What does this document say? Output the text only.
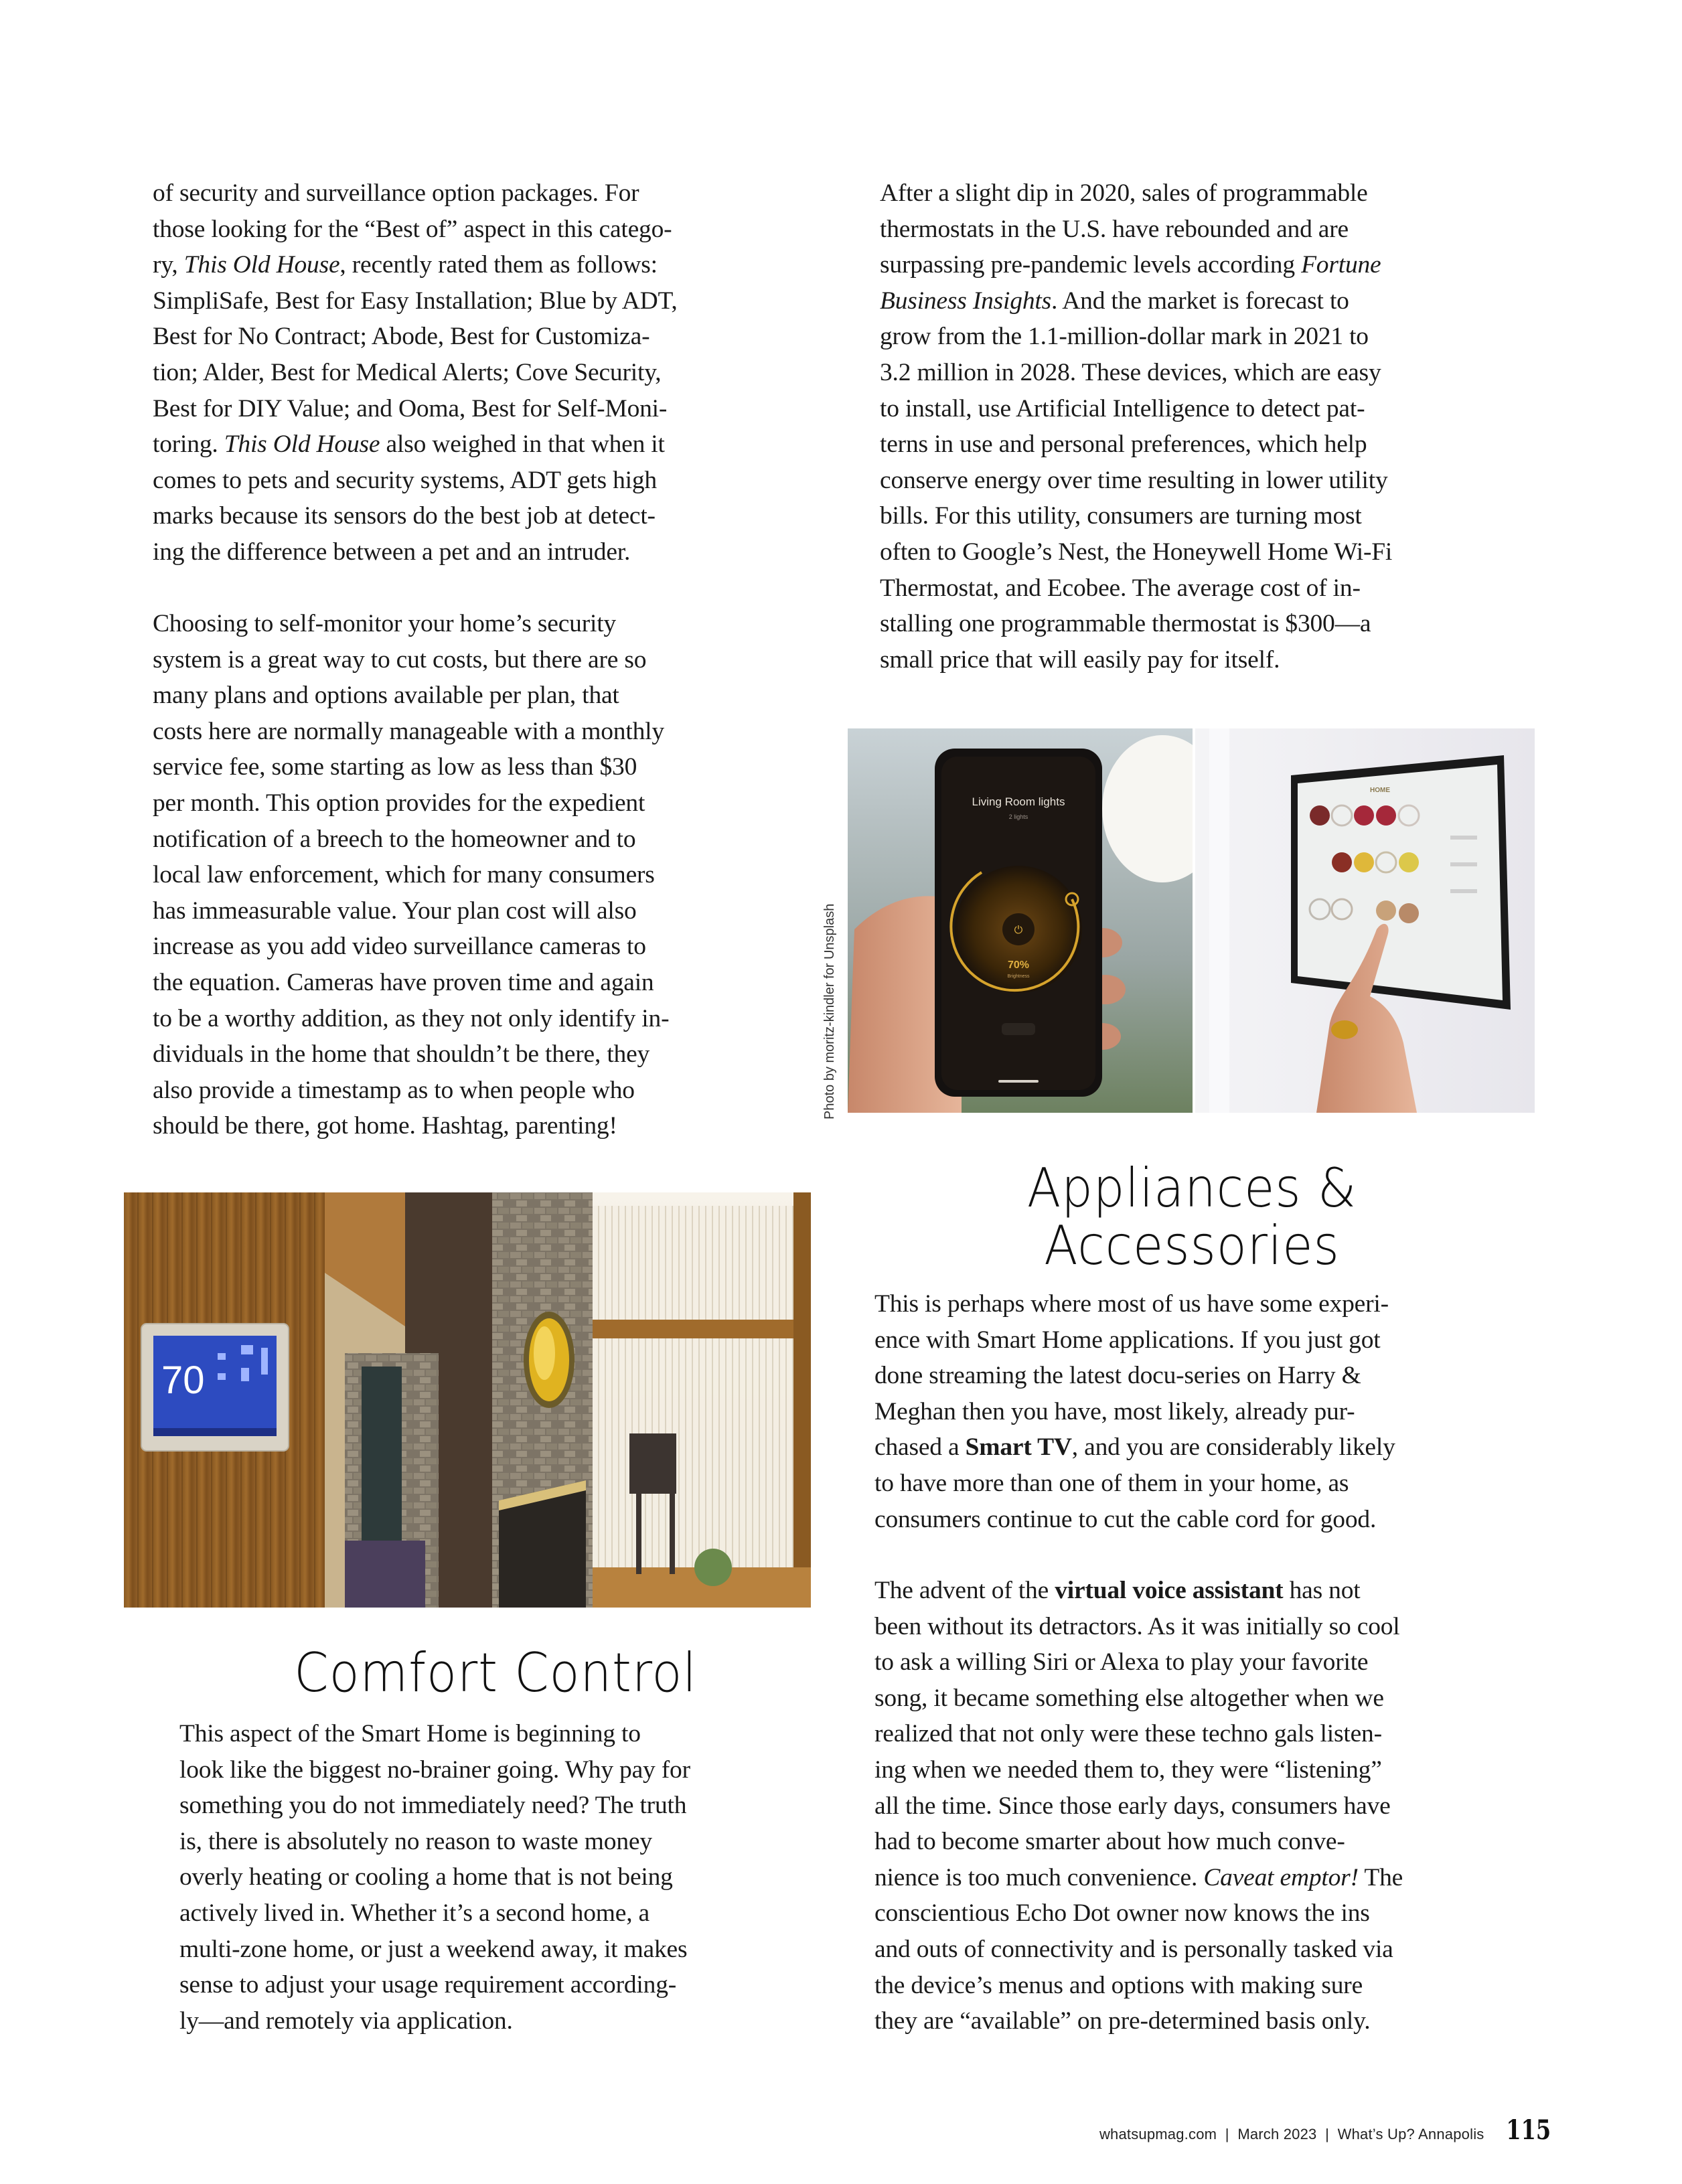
of security and surveillance option packages. For
those looking for the “Best of” aspect in this catego-
ry, This Old House, recently rated them as follows:
SimpliSafe, Best for Easy Installation; Blue by ADT,
Best for No Contract; Abode, Best for Customiza-
tion; Alder, Best for Medical Alerts; Cove Security,
Best for DIY Value; and Ooma, Best for Self-Moni-
toring. This Old House also weighed in that when it
comes to pets and security systems, ADT gets high
marks because its sensors do the best job at detect-
ing the difference between a pet and an intruder.
Choosing to self-monitor your home’s security
system is a great way to cut costs, but there are so
many plans and options available per plan, that
costs here are normally manageable with a monthly
service fee, some starting as low as less than $30
per month. This option provides for the expedient
notification of a breech to the homeowner and to
local law enforcement, which for many consumers
has immeasurable value. Your plan cost will also
increase as you add video surveillance cameras to
the equation. Cameras have proven time and again
to be a worthy addition, as they not only identify in-
dividuals in the home that shouldn’t be there, they
also provide a timestamp as to when people who
should be there, got home. Hashtag, parenting!
70
Comfort Control
This aspect of the Smart Home is beginning to
look like the biggest no-brainer going. Why pay for
something you do not immediately need? The truth
is, there is absolutely no reason to waste money
overly heating or cooling a home that is not being
actively lived in. Whether it’s a second home, a
multi-zone home, or just a weekend away, it makes
sense to adjust your usage requirement according-
ly—and remotely via application.
After a slight dip in 2020, sales of programmable
thermostats in the U.S. have rebounded and are
surpassing pre-pandemic levels according Fortune
Business Insights. And the market is forecast to
grow from the 1.1-million-dollar mark in 2021 to
3.2 million in 2028. These devices, which are easy
to install, use Artificial Intelligence to detect pat-
terns in use and personal preferences, which help
conserve energy over time resulting in lower utility
bills. For this utility, consumers are turning most
often to Google’s Nest, the Honeywell Home Wi-Fi
Thermostat, and Ecobee. The average cost of in-
stalling one programmable thermostat is $300—a
small price that will easily pay for itself.
Photo by moritz-kindler for Unsplash
Living Room lights
2 lights
⏻
70%
Brightness
HOME
Appliances &
Accessories
This is perhaps where most of us have some experi-
ence with Smart Home applications. If you just got
done streaming the latest docu-series on Harry &
Meghan then you have, most likely, already pur-
chased a Smart TV, and you are considerably likely
to have more than one of them in your home, as
consumers continue to cut the cable cord for good.
The advent of the virtual voice assistant has not
been without its detractors. As it was initially so cool
to ask a willing Siri or Alexa to play your favorite
song, it became something else altogether when we
realized that not only were these techno gals listen-
ing when we needed them to, they were “listening”
all the time. Since those early days, consumers have
had to become smarter about how much conve-
nience is too much convenience. Caveat emptor! The
conscientious Echo Dot owner now knows the ins
and outs of connectivity and is personally tasked via
the device’s menus and options with making sure
they are “available” on pre-determined basis only.
whatsupmag.com  |  March 2023  |  What’s Up? Annapolis 115
